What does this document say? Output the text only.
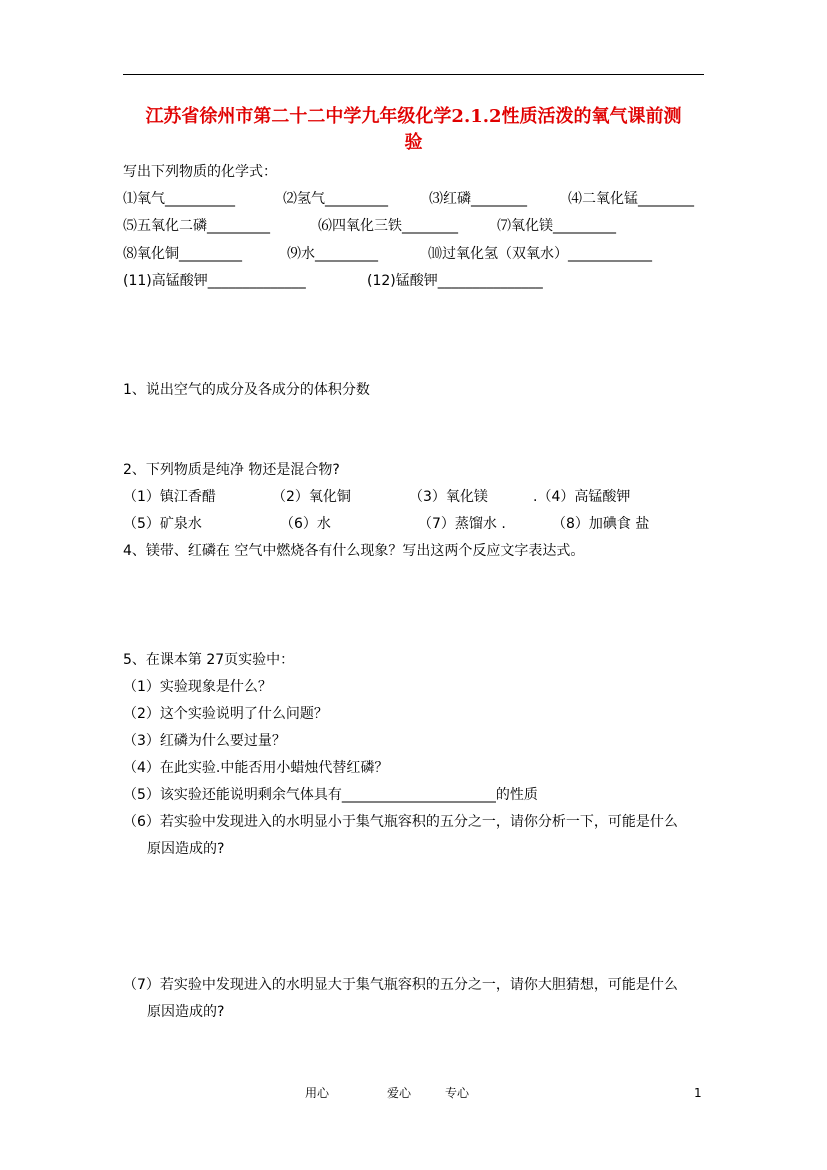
江苏省徐州市第二十二中学九年级化学2.1.2性质活泼的氧气课前测
验
写出下列物质的化学式：
⑴氧气__________	⑵氢气_________	⑶红磷________	⑷二氧化锰________
⑸五氧化二磷_________	⑹四氧化三铁________	⑺氧化镁_________
⑻氧化铜_________	⑼水_________	⑽过氧化氢（双氧水）____________
(11)高锰酸钾______________	(12)锰酸钾_______________
1、说出空气的成分及各成分的体积分数
2、下列物质是纯净 物还是混合物?
（1）镇江香醋	（2）氧化铜	（3）氧化镁	.（4）高锰酸钾
（5）矿泉水	（6）水	（7）蒸馏水 .	（8）加碘食 盐
4、镁带、红磷在 空气中燃烧各有什么现象？写出这两个反应文字表达式。
5、在课本第 27页实验中：
（1）实验现象是什么？
（2）这个实验说明了什么问题？
（3）红磷为什么要过量？
（4）在此实验.中能否用小蜡烛代替红磷？
（5）该实验还能说明剩余气体具有______________________的性质
（6）若实验中发现进入的水明显小于集气瓶容积的五分之一，请你分析一下，可能是什么
原因造成的?
（7）若实验中发现进入的水明显大于集气瓶容积的五分之一，请你大胆猜想，可能是什么
原因造成的?
用心	爱心	专心	1
